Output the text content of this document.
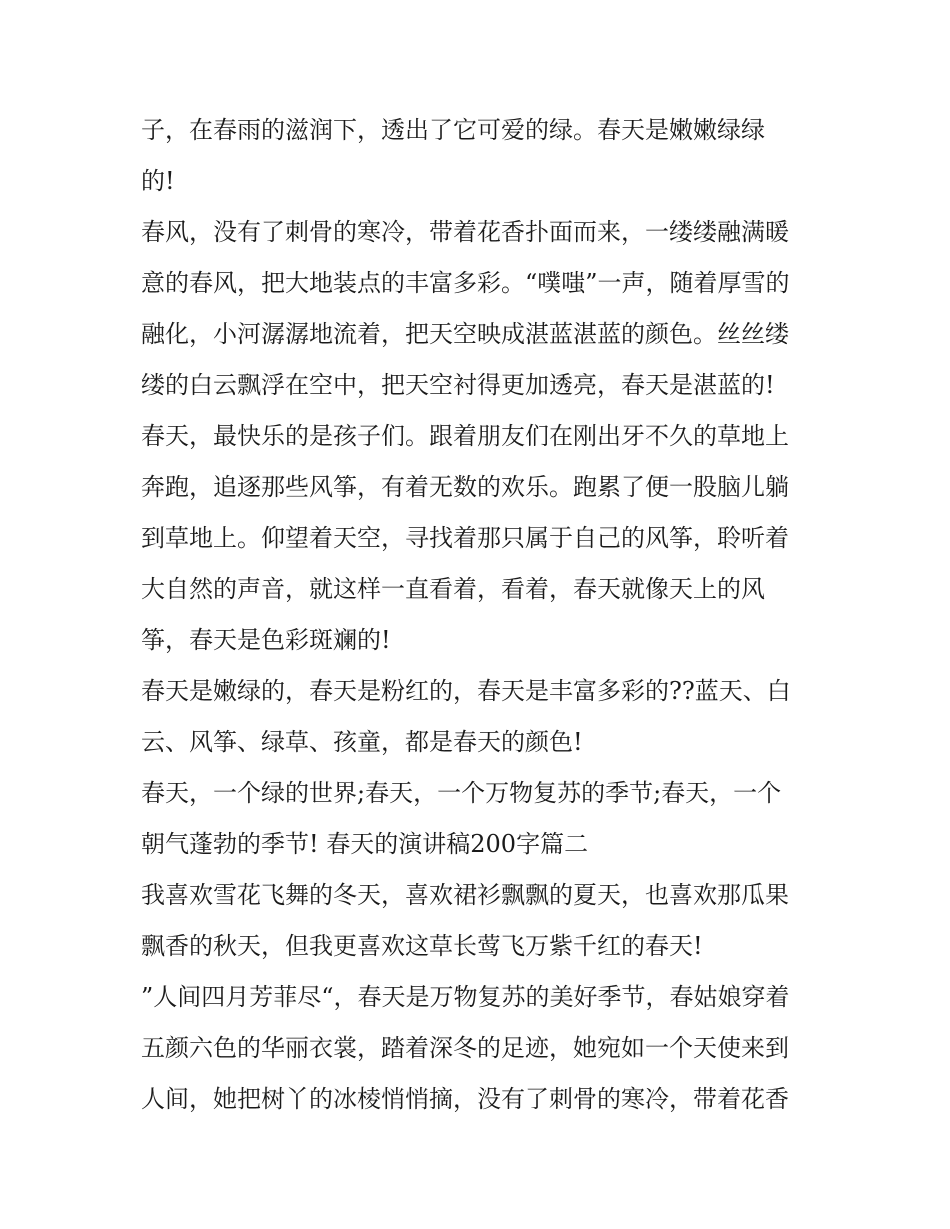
子，在春雨的滋润下，透出了它可爱的绿。春天是嫩嫩绿绿
的!
春风，没有了刺骨的寒冷，带着花香扑面而来，一缕缕融满暖
意的春风，把大地装点的丰富多彩。“噗嗤”一声，随着厚雪的
融化，小河潺潺地流着，把天空映成湛蓝湛蓝的颜色。丝丝缕
缕的白云飘浮在空中，把天空衬得更加透亮，春天是湛蓝的!
春天，最快乐的是孩子们。跟着朋友们在刚出牙不久的草地上
奔跑，追逐那些风筝，有着无数的欢乐。跑累了便一股脑儿躺
到草地上。仰望着天空，寻找着那只属于自己的风筝，聆听着
大自然的声音，就这样一直看着，看着，春天就像天上的风
筝，春天是色彩斑斓的!
春天是嫩绿的，春天是粉红的，春天是丰富多彩的??蓝天、白
云、风筝、绿草、孩童，都是春天的颜色!
春天，一个绿的世界;春天，一个万物复苏的季节;春天，一个
朝气蓬勃的季节! 春天的演讲稿200字篇二
我喜欢雪花飞舞的冬天，喜欢裙衫飘飘的夏天，也喜欢那瓜果
飘香的秋天，但我更喜欢这草长莺飞万紫千红的春天!
”人间四月芳菲尽“，春天是万物复苏的美好季节，春姑娘穿着
五颜六色的华丽衣裳，踏着深冬的足迹，她宛如一个天使来到
人间，她把树丫的冰棱悄悄摘，没有了刺骨的寒冷，带着花香
